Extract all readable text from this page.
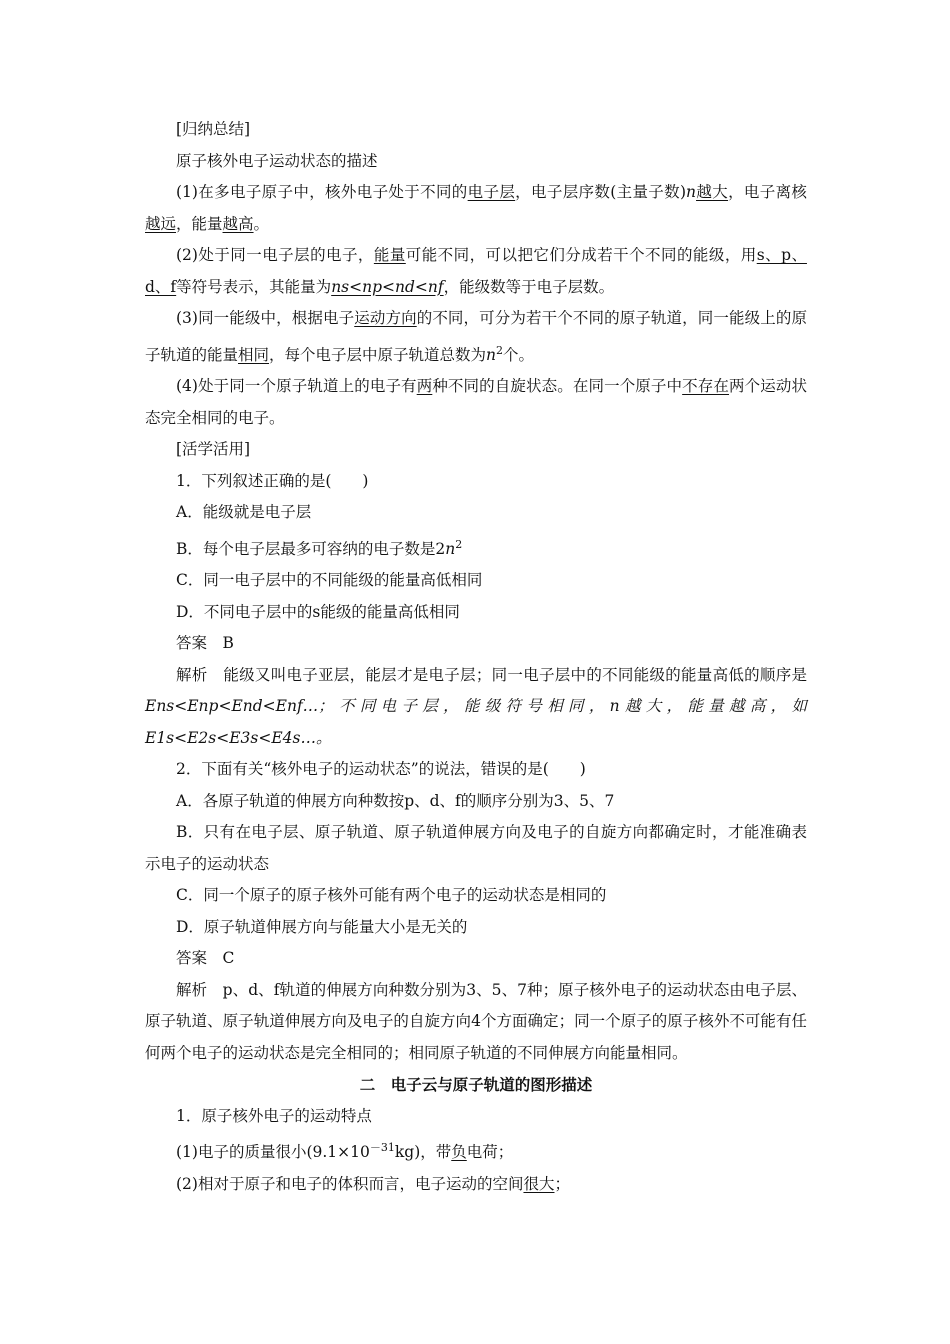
[归纳总结]

原子核外电子运动状态的描述

(1)在多电子原子中，核外电子处于不同的电子层，电子层序数(主量子数)n越大，电子离核越远，能量越高。

(2)处于同一电子层的电子，能量可能不同，可以把它们分成若干个不同的能级，用s、p、d、f等符号表示，其能量为ns<np<nd<nf，能级数等于电子层数。

(3)同一能级中，根据电子运动方向的不同，可分为若干个不同的原子轨道，同一能级上的原子轨道的能量相同，每个电子层中原子轨道总数为$n^2$个。

(4)处于同一个原子轨道上的电子有两种不同的自旋状态。在同一个原子中不存在两个运动状态完全相同的电子。

[活学活用]

1．下列叙述正确的是(　　)

A．能级就是电子层

B．每个电子层最多可容纳的电子数是$2n^2$

C．同一电子层中的不同能级的能量高低相同

D．不同电子层中的s能级的能量高低相同

答案　B

解析　能级又叫电子亚层，能层才是电子层；同一电子层中的不同能级的能量高低的顺序是 Ens<Enp<End<Enf…；不同电子层，能级符号相同，n越大，能量越高，如 E1s<E2s<E3s<E4s…。

2．下面有关“核外电子的运动状态”的说法，错误的是(　　)

A．各原子轨道的伸展方向种数按p、d、f的顺序分别为3、5、7

B．只有在电子层、原子轨道、原子轨道伸展方向及电子的自旋方向都确定时，才能准确表示电子的运动状态

C．同一个原子的原子核外可能有两个电子的运动状态是相同的

D．原子轨道伸展方向与能量大小是无关的

答案　C

解析　p、d、f轨道的伸展方向种数分别为3、5、7种；原子核外电子的运动状态由电子层、原子轨道、原子轨道伸展方向及电子的自旋方向4个方面确定；同一个原子的原子核外不可能有任何两个电子的运动状态是完全相同的；相同原子轨道的不同伸展方向能量相同。

二　电子云与原子轨道的图形描述

1．原子核外电子的运动特点

(1)电子的质量很小$(9.1\times 10^{-31}kg)$，带负电荷；

(2)相对于原子和电子的体积而言，电子运动的空间很大；
